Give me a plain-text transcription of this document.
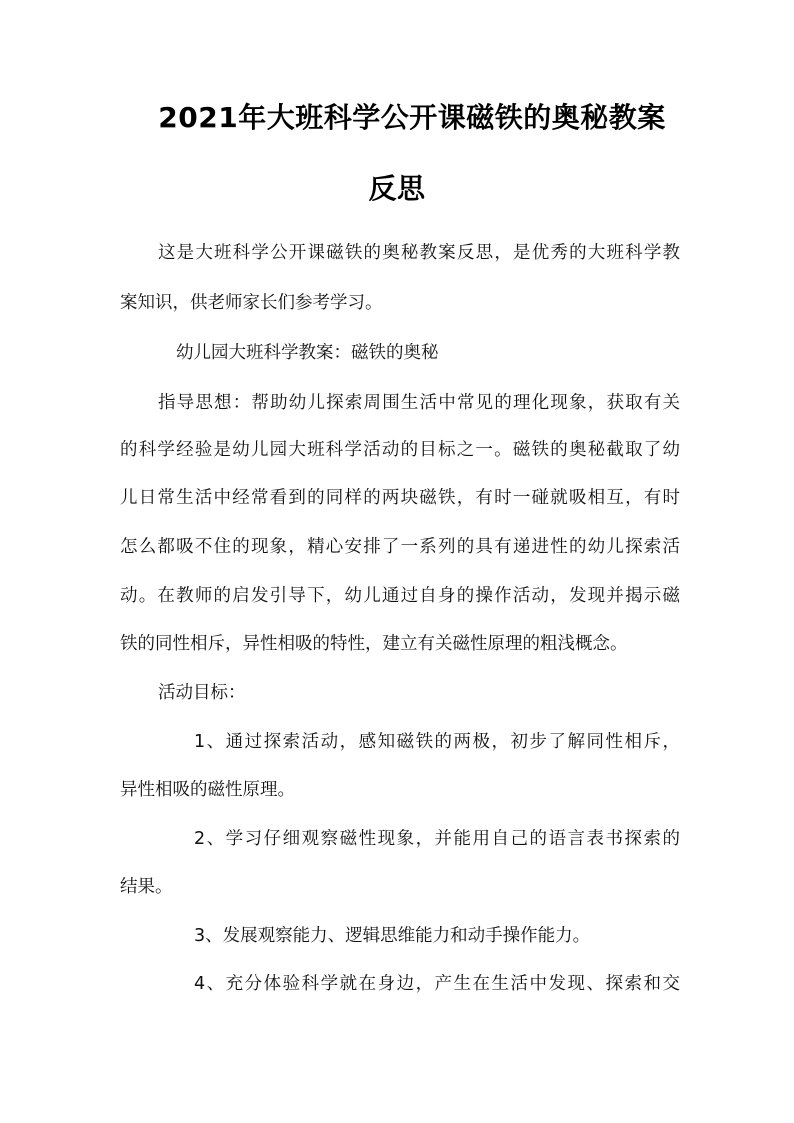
2021年大班科学公开课磁铁的奥秘教案
反思
这是大班科学公开课磁铁的奥秘教案反思，是优秀的大班科学教
案知识，供老师家长们参考学习。
幼儿园大班科学教案：磁铁的奥秘
指导思想：帮助幼儿探索周围生活中常见的理化现象，获取有关
的科学经验是幼儿园大班科学活动的目标之一。磁铁的奥秘截取了幼
儿日常生活中经常看到的同样的两块磁铁，有时一碰就吸相互，有时
怎么都吸不住的现象，精心安排了一系列的具有递进性的幼儿探索活
动。在教师的启发引导下，幼儿通过自身的操作活动，发现并揭示磁
铁的同性相斥，异性相吸的特性，建立有关磁性原理的粗浅概念。
活动目标：
1、通过探索活动，感知磁铁的两极，初步了解同性相斥，
异性相吸的磁性原理。
2、学习仔细观察磁性现象，并能用自己的语言表书探索的
结果。
3、发展观察能力、逻辑思维能力和动手操作能力。
4、充分体验科学就在身边，产生在生活中发现、探索和交
